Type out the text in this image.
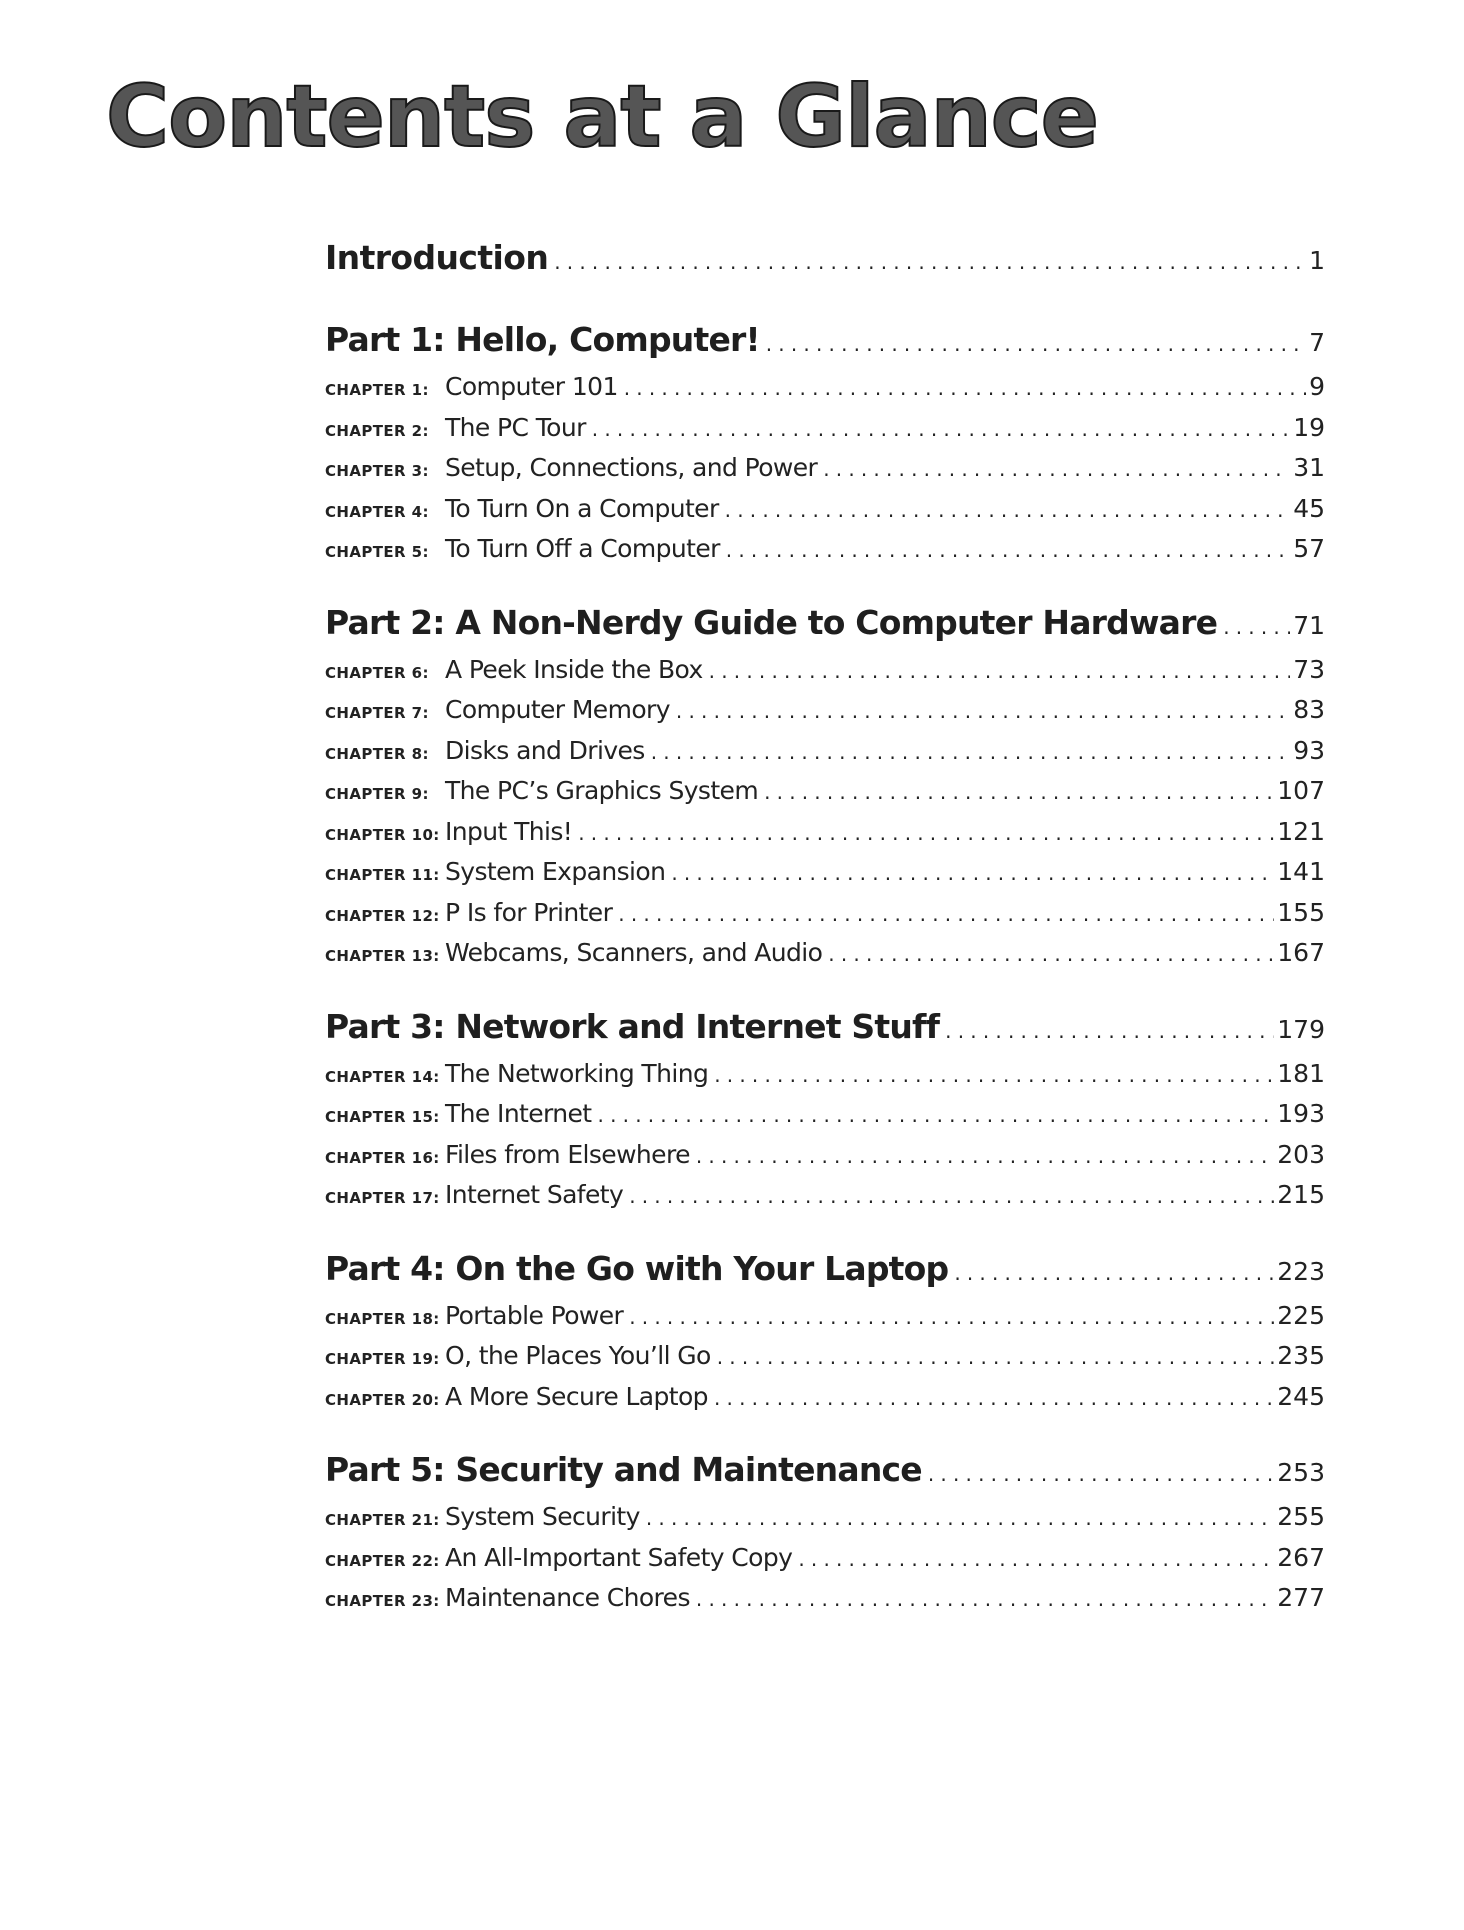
Contents at a Glance
Introduction .....	1
Part 1: Hello, Computer! .....	7
CHAPTER 1: Computer 101 .....	9
CHAPTER 2: The PC Tour .....	19
CHAPTER 3: Setup, Connections, and Power .....	31
CHAPTER 4: To Turn On a Computer .....	45
CHAPTER 5: To Turn Off a Computer .....	57
Part 2: A Non-Nerdy Guide to Computer Hardware .....	71
CHAPTER 6: A Peek Inside the Box .....	73
CHAPTER 7: Computer Memory .....	83
CHAPTER 8: Disks and Drives .....	93
CHAPTER 9: The PC’s Graphics System .....	107
CHAPTER 10: Input This! .....	121
CHAPTER 11: System Expansion .....	141
CHAPTER 12: P Is for Printer .....	155
CHAPTER 13: Webcams, Scanners, and Audio .....	167
Part 3: Network and Internet Stuff .....	179
CHAPTER 14: The Networking Thing .....	181
CHAPTER 15: The Internet .....	193
CHAPTER 16: Files from Elsewhere .....	203
CHAPTER 17: Internet Safety .....	215
Part 4: On the Go with Your Laptop .....	223
CHAPTER 18: Portable Power .....	225
CHAPTER 19: O, the Places You’ll Go .....	235
CHAPTER 20: A More Secure Laptop .....	245
Part 5: Security and Maintenance .....	253
CHAPTER 21: System Security .....	255
CHAPTER 22: An All-Important Safety Copy .....	267
CHAPTER 23: Maintenance Chores .....	277
